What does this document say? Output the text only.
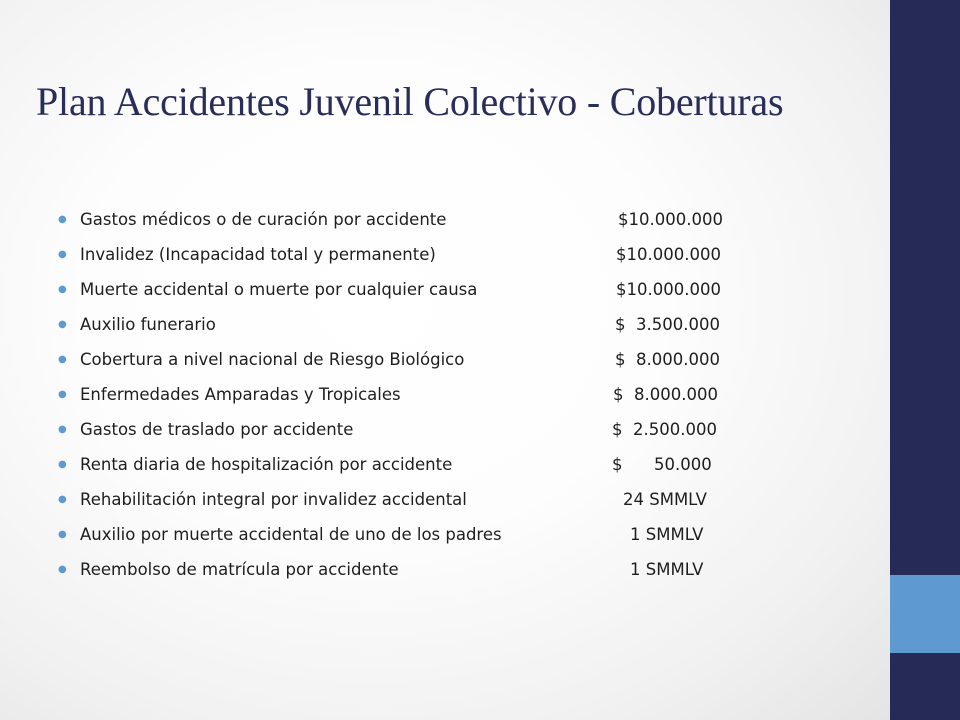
Plan Accidentes Juvenil Colectivo - Coberturas
● Gastos médicos o de curación por accidente	$10.000.000
● Invalidez (Incapacidad total y permanente)	$10.000.000
● Muerte accidental o muerte por cualquier causa	$10.000.000
● Auxilio funerario	$  3.500.000
● Cobertura a nivel nacional de Riesgo Biológico	$  8.000.000
● Enfermedades Amparadas y Tropicales	$  8.000.000
● Gastos de traslado por accidente	$  2.500.000
● Renta diaria de hospitalización por accidente	$      50.000
● Rehabilitación integral por invalidez accidental	24 SMMLV
● Auxilio por muerte accidental de uno de los padres	1 SMMLV
● Reembolso de matrícula por accidente	1 SMMLV
